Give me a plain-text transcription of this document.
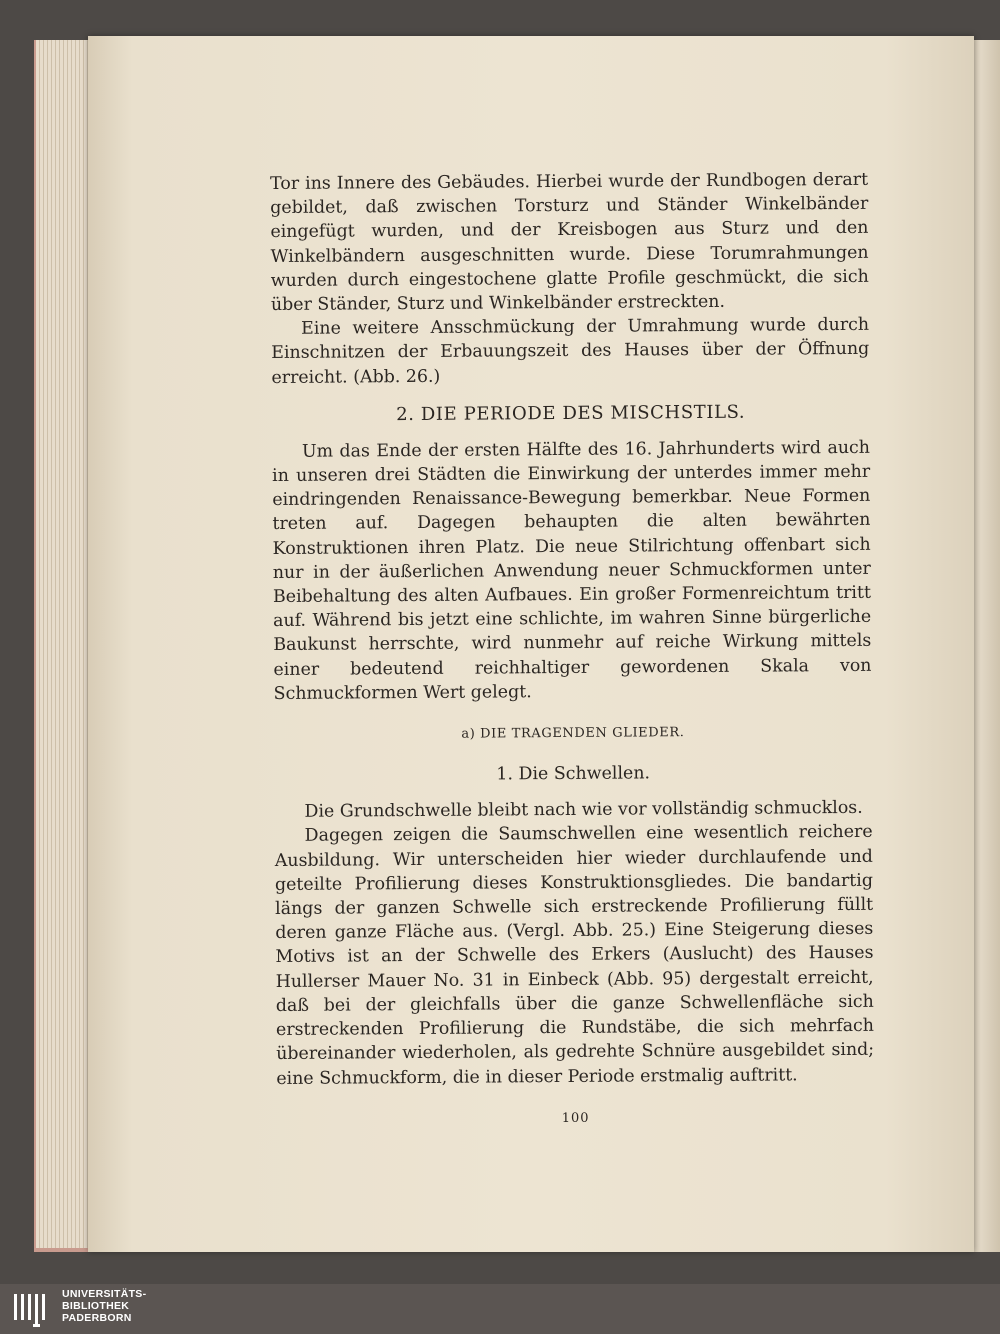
Tor ins Innere des Gebäudes. Hierbei wurde der Rundbogen derart gebildet, daß zwischen Torsturz und Ständer Winkelbänder eingefügt wurden, und der Kreisbogen aus Sturz und den Winkelbändern ausgeschnitten wurde. Diese Torumrahmungen wurden durch eingestochene glatte Profile geschmückt, die sich über Ständer, Sturz und Winkelbänder erstreckten.

Eine weitere Ansschmückung der Umrahmung wurde durch Einschnitzen der Erbauungszeit des Hauses über der Öffnung erreicht. (Abb. 26.)

2. DIE PERIODE DES MISCHSTILS.

Um das Ende der ersten Hälfte des 16. Jahrhunderts wird auch in unseren drei Städten die Einwirkung der unterdes immer mehr eindringenden Renaissance-Bewegung bemerkbar. Neue Formen treten auf. Dagegen behaupten die alten bewährten Konstruktionen ihren Platz. Die neue Stilrichtung offenbart sich nur in der äußerlichen Anwendung neuer Schmuckformen unter Beibehaltung des alten Aufbaues. Ein großer Formenreichtum tritt auf. Während bis jetzt eine schlichte, im wahren Sinne bürgerliche Baukunst herrschte, wird nunmehr auf reiche Wirkung mittels einer bedeutend reichhaltiger gewordenen Skala von Schmuckformen Wert gelegt.

a) DIE TRAGENDEN GLIEDER.
1. Die Schwellen.

Die Grundschwelle bleibt nach wie vor vollständig schmucklos.

Dagegen zeigen die Saumschwellen eine wesentlich reichere Ausbildung. Wir unterscheiden hier wieder durchlaufende und geteilte Profilierung dieses Konstruktionsgliedes. Die bandartig längs der ganzen Schwelle sich erstreckende Profilierung füllt deren ganze Fläche aus. (Vergl. Abb. 25.) Eine Steigerung dieses Motivs ist an der Schwelle des Erkers (Auslucht) des Hauses Hullerser Mauer No. 31 in Einbeck (Abb. 95) dergestalt erreicht, daß bei der gleichfalls über die ganze Schwellenfläche sich erstreckenden Profilierung die Rundstäbe, die sich mehrfach übereinander wiederholen, als gedrehte Schnüre ausgebildet sind; eine Schmuckform, die in dieser Periode erstmalig auftritt.

100
UNIVERSITÄTS-
BIBLIOTHEK
PADERBORN
